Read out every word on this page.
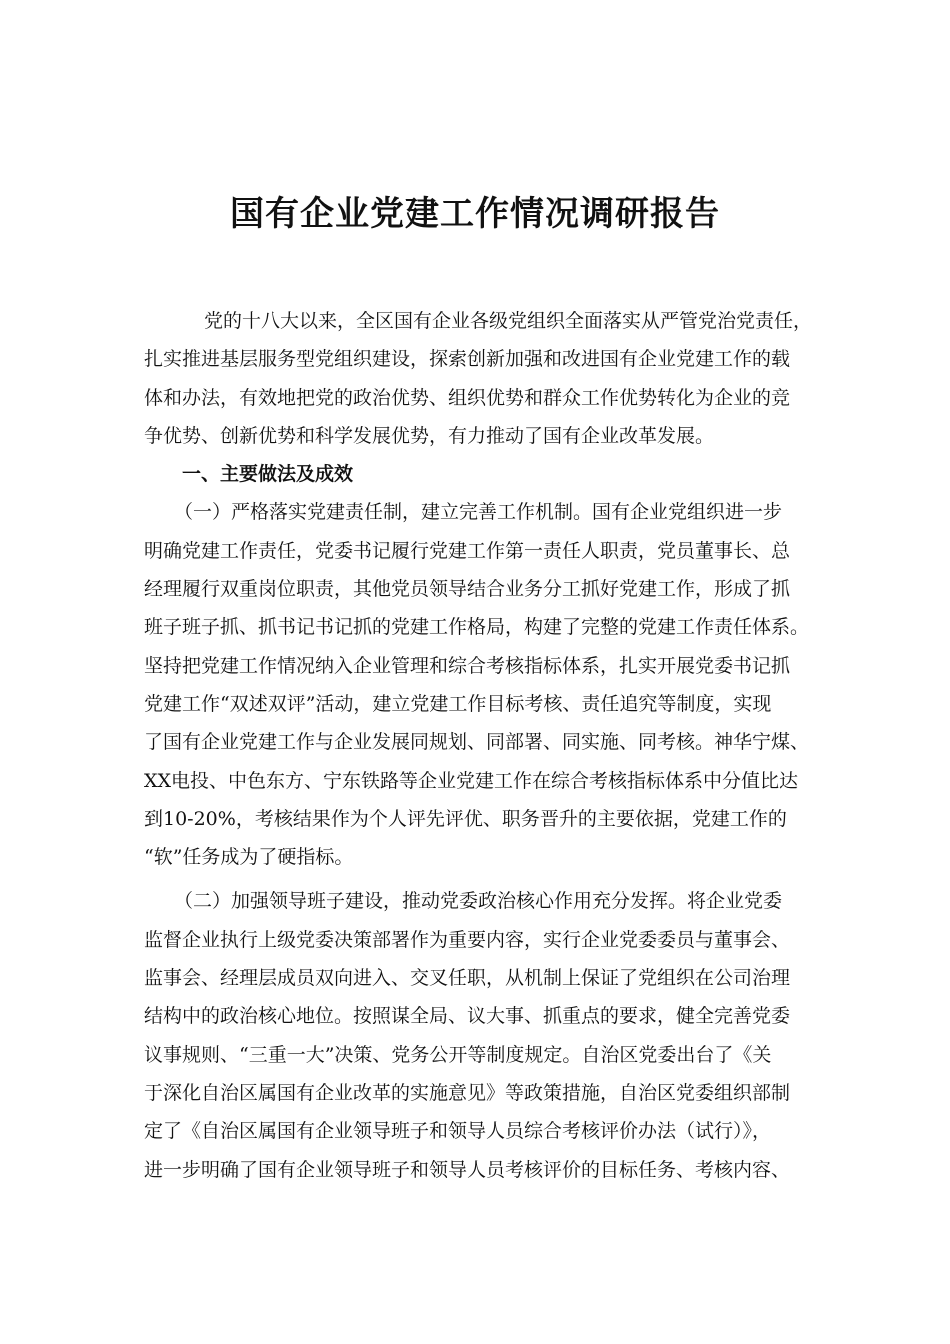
国有企业党建工作情况调研报告
党的十八大以来，全区国有企业各级党组织全面落实从严管党治党责任，
扎实推进基层服务型党组织建设，探索创新加强和改进国有企业党建工作的载
体和办法，有效地把党的政治优势、组织优势和群众工作优势转化为企业的竞
争优势、创新优势和科学发展优势，有力推动了国有企业改革发展。
一、主要做法及成效
（一）严格落实党建责任制，建立完善工作机制。国有企业党组织进一步
明确党建工作责任，党委书记履行党建工作第一责任人职责，党员董事长、总
经理履行双重岗位职责，其他党员领导结合业务分工抓好党建工作，形成了抓
班子班子抓、抓书记书记抓的党建工作格局，构建了完整的党建工作责任体系。
坚持把党建工作情况纳入企业管理和综合考核指标体系，扎实开展党委书记抓
党建工作“双述双评”活动，建立党建工作目标考核、责任追究等制度，实现
了国有企业党建工作与企业发展同规划、同部署、同实施、同考核。神华宁煤、
XX电投、中色东方、宁东铁路等企业党建工作在综合考核指标体系中分值比达
到10-20%，考核结果作为个人评先评优、职务晋升的主要依据，党建工作的
“软”任务成为了硬指标。
（二）加强领导班子建设，推动党委政治核心作用充分发挥。将企业党委
监督企业执行上级党委决策部署作为重要内容，实行企业党委委员与董事会、
监事会、经理层成员双向进入、交叉任职，从机制上保证了党组织在公司治理
结构中的政治核心地位。按照谋全局、议大事、抓重点的要求，健全完善党委
议事规则、“三重一大”决策、党务公开等制度规定。自治区党委出台了《关
于深化自治区属国有企业改革的实施意见》等政策措施，自治区党委组织部制
定了《自治区属国有企业领导班子和领导人员综合考核评价办法（试行）》，
进一步明确了国有企业领导班子和领导人员考核评价的目标任务、考核内容、
